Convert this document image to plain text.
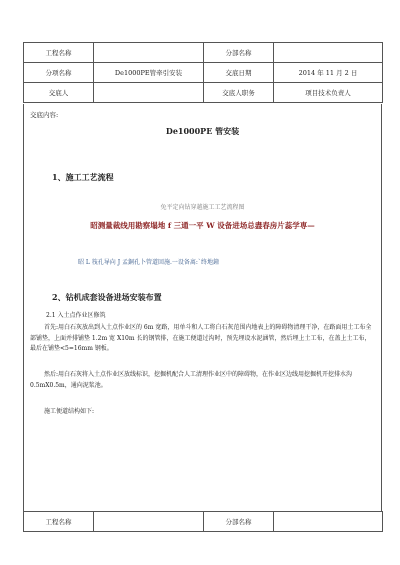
工程名称		分部名称	
分项名称	De1000PE管牵引安装	交底日期	2014 年 11 月 2 日
交底人		交底人职务	项目技术负责人
交底内容:
De1000PE 管安装
1、施工工艺流程
免平定向钻穿越施工工艺流程图
昭测量裁线用勘察塌地 f 三通一平 W 设备进场总盡春房片蕊学専—
昭 L 筏孔导向 J 孟銅孔卜管道回施.一设备离:`终地鐘
2、钻机成套设备进场安装布置
2.1 入土点作业区修筑
首先:用白石灰放出到入土点作业区的 6m 宽路，用单斗和人工将白石灰范围内地表上的障碍物清理干净，在路面用土工布全部铺垫，上面并排铺垫 1.2m 宽 X10m 长的钢管排，在施工便道过沟时，预先埋设水泥涵管，然后埋上土工布，在盖上土工布，最后在铺垫<5=16mm 钢板。
然后:用白石灰将入土点作业区放线标识，挖掘机配合人工清理作业区中的障碍物，在作业区边线用挖掘机开挖排水沟 0.5mX0.5m，通向泥浆池。
施工便道结构如下:
工程名称		分部名称	
